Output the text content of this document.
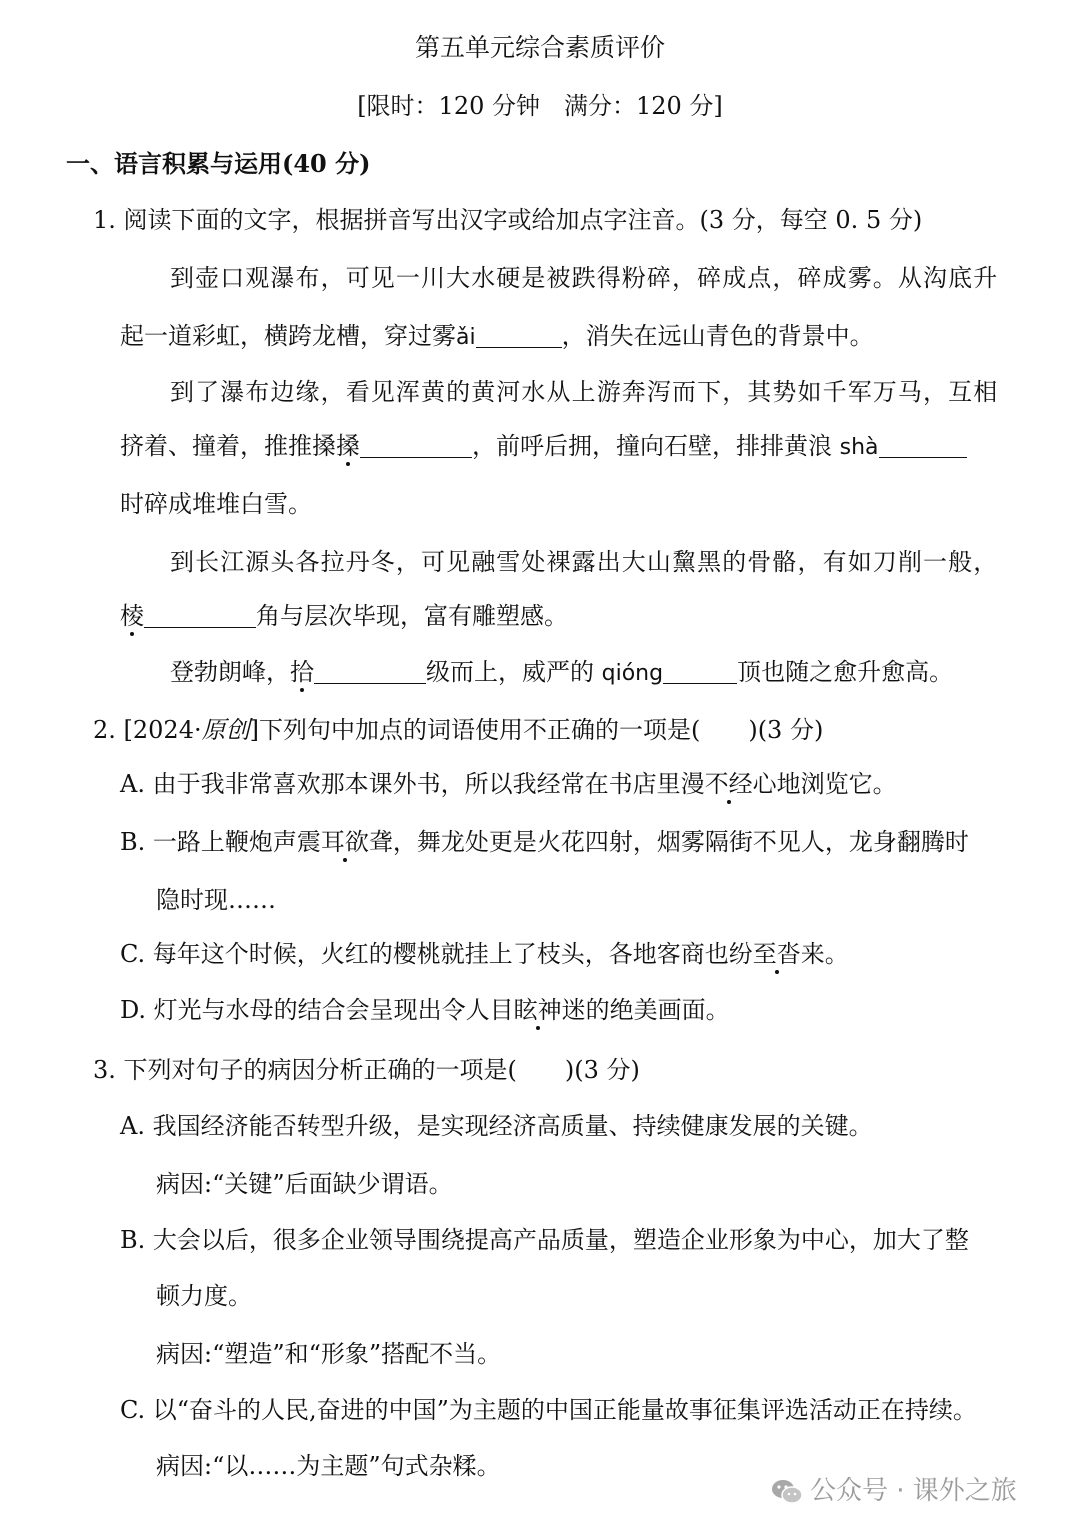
第五单元综合素质评价
[限时：120 分钟　满分：120 分]
一、语言积累与运用(40 分)
1. 阅读下面的文字，根据拼音写出汉字或给加点字注音。(3 分，每空 0. 5 分)
到壶口观瀑布，可见一川大水硬是被跌得粉碎，碎成点，碎成雾。从沟底升
起一道彩虹，横跨龙槽，穿过雾ǎi	，消失在远山青色的背景中。
到了瀑布边缘，看见浑黄的黄河水从上游奔泻而下，其势如千军万马，互相
挤着、撞着，推推搡搡	，前呼后拥，撞向石壁，排排黄浪 shà
时碎成堆堆白雪。
到长江源头各拉丹冬，可见融雪处裸露出大山黧黑的骨骼，有如刀削一般，
棱	角与层次毕现，富有雕塑感。
登勃朗峰，拾	级而上，威严的 qióng	顶也随之愈升愈高。
2. [2024·原创]下列句中加点的词语使用不正确的一项是(　　)(3 分)
A. 由于我非常喜欢那本课外书，所以我经常在书店里漫不经心地浏览它。
B. 一路上鞭炮声震耳欲聋，舞龙处更是火花四射，烟雾隔街不见人，龙身翻腾时
隐时现……
C. 每年这个时候，火红的樱桃就挂上了枝头，各地客商也纷至沓来。
D. 灯光与水母的结合会呈现出令人目眩神迷的绝美画面。
3. 下列对句子的病因分析正确的一项是(　　)(3 分)
A. 我国经济能否转型升级，是实现经济高质量、持续健康发展的关键。
病因:“关键”后面缺少谓语。
B. 大会以后，很多企业领导围绕提高产品质量，塑造企业形象为中心，加大了整
顿力度。
病因:“塑造”和“形象”搭配不当。
C. 以“奋斗的人民,奋进的中国”为主题的中国正能量故事征集评选活动正在持续。
病因:“以……为主题”句式杂糅。
公众号 · 课外之旅
